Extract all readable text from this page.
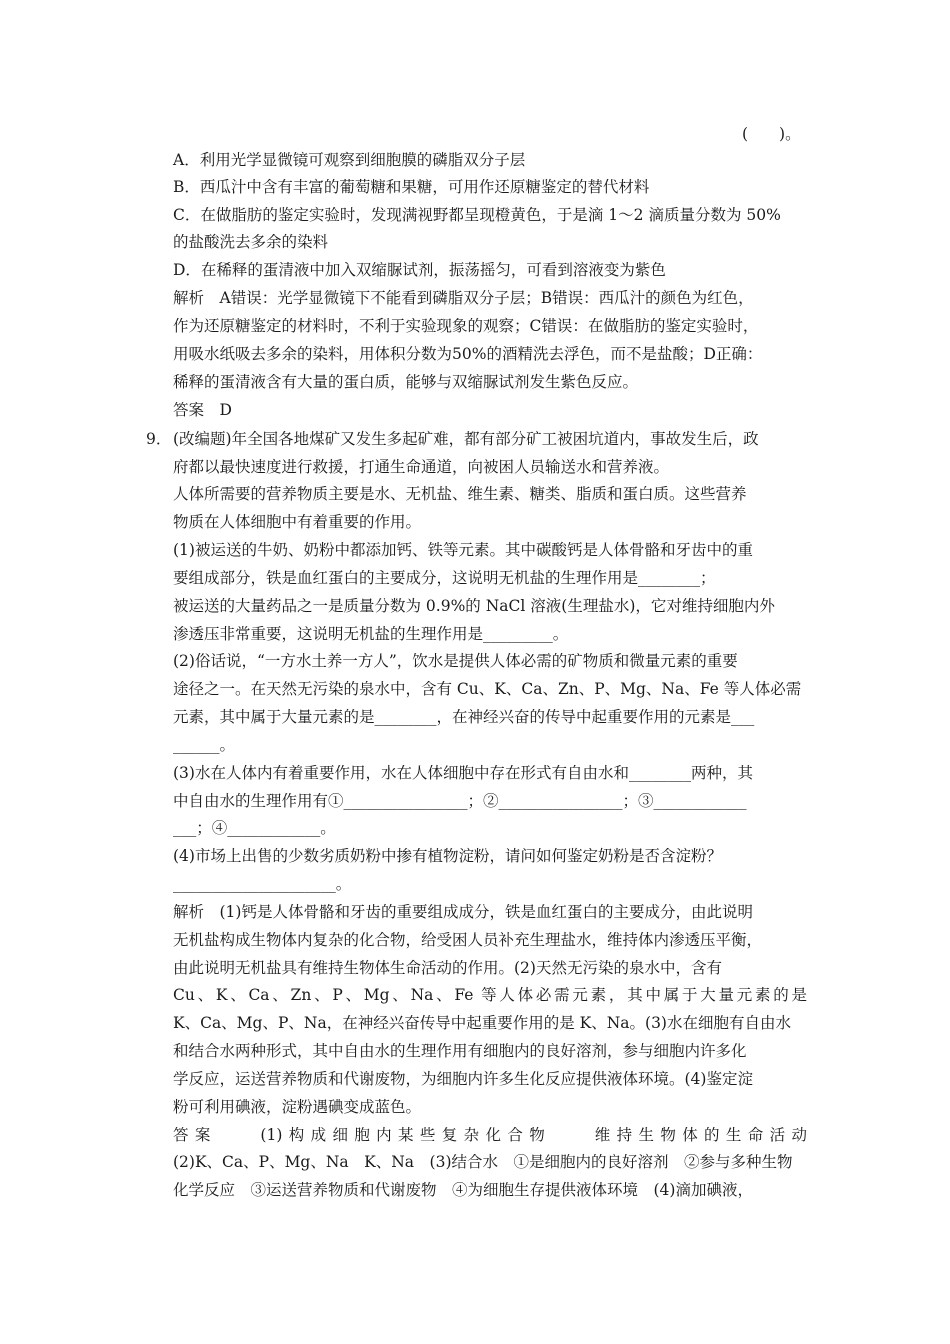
(　　)。
A．利用光学显微镜可观察到细胞膜的磷脂双分子层
B．西瓜汁中含有丰富的葡萄糖和果糖，可用作还原糖鉴定的替代材料
C．在做脂肪的鉴定实验时，发现满视野都呈现橙黄色，于是滴 1～2 滴质量分数为 50%
的盐酸洗去多余的染料
D．在稀释的蛋清液中加入双缩脲试剂，振荡摇匀，可看到溶液变为紫色
解析　A错误：光学显微镜下不能看到磷脂双分子层；B错误：西瓜汁的颜色为红色，
作为还原糖鉴定的材料时，不利于实验现象的观察；C错误：在做脂肪的鉴定实验时，
用吸水纸吸去多余的染料，用体积分数为50%的酒精洗去浮色，而不是盐酸；D正确：
稀释的蛋清液含有大量的蛋白质，能够与双缩脲试剂发生紫色反应。
答案　D
9． (改编题)年全国各地煤矿又发生多起矿难，都有部分矿工被困坑道内，事故发生后，政
府都以最快速度进行救援，打通生命通道，向被困人员输送水和营养液。
人体所需要的营养物质主要是水、无机盐、维生素、糖类、脂质和蛋白质。这些营养
物质在人体细胞中有着重要的作用。
(1)被运送的牛奶、奶粉中都添加钙、铁等元素。其中碳酸钙是人体骨骼和牙齿中的重
要组成部分，铁是血红蛋白的主要成分，这说明无机盐的生理作用是________；
被运送的大量药品之一是质量分数为 0.9%的 NaCl 溶液(生理盐水)，它对维持细胞内外
渗透压非常重要，这说明无机盐的生理作用是_________。
(2)俗话说，“一方水土养一方人”，饮水是提供人体必需的矿物质和微量元素的重要
途径之一。在天然无污染的泉水中，含有 Cu、K、Ca、Zn、P、Mg、Na、Fe 等人体必需
元素，其中属于大量元素的是________，在神经兴奋的传导中起重要作用的元素是___
______。
(3)水在人体内有着重要作用，水在人体细胞中存在形式有自由水和________两种，其
中自由水的生理作用有①________________；②________________；③____________
___；④____________。
(4)市场上出售的少数劣质奶粉中掺有植物淀粉，请问如何鉴定奶粉是否含淀粉？
_____________________。
解析　(1)钙是人体骨骼和牙齿的重要组成成分，铁是血红蛋白的主要成分，由此说明
无机盐构成生物体内复杂的化合物，给受困人员补充生理盐水，维持体内渗透压平衡，
由此说明无机盐具有维持生物体生命活动的作用。(2)天然无污染的泉水中，含有
Cu、K、Ca、Zn、P、Mg、Na、Fe 等人体必需元素，其中属于大量元素的是
K、Ca、Mg、P、Na，在神经兴奋传导中起重要作用的是 K、Na。(3)水在细胞有自由水
和结合水两种形式，其中自由水的生理作用有细胞内的良好溶剂，参与细胞内许多化
学反应，运送营养物质和代谢废物，为细胞内许多生化反应提供液体环境。(4)鉴定淀
粉可利用碘液，淀粉遇碘变成蓝色。
答案　　(1)构成细胞内某些复杂化合物　　维持生物体的生命活动
(2)K、Ca、P、Mg、Na　K、Na　(3)结合水　①是细胞内的良好溶剂　②参与多种生物
化学反应　③运送营养物质和代谢废物　④为细胞生存提供液体环境　(4)滴加碘液，
